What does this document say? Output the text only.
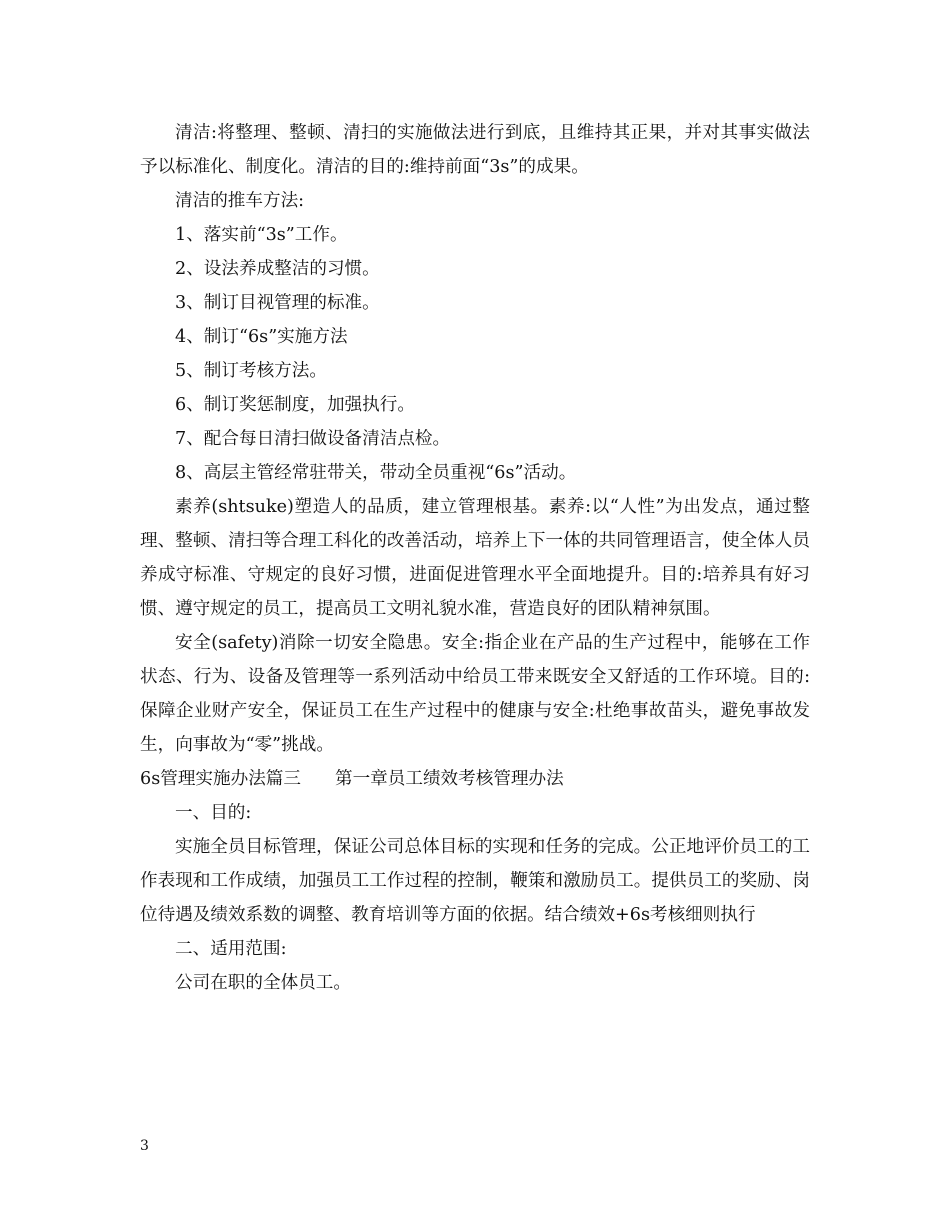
清洁:将整理、整顿、清扫的实施做法进行到底，且维持其正果，并对其事实做法予以标准化、制度化。清洁的目的:维持前面“3s”的成果。

清洁的推车方法:

1、落实前“3s”工作。

2、设法养成整洁的习惯。

3、制订目视管理的标准。

4、制订“6s”实施方法

5、制订考核方法。

6、制订奖惩制度，加强执行。

7、配合每日清扫做设备清洁点检。

8、高层主管经常驻带关，带动全员重视“6s”活动。

素养(shtsuke)塑造人的品质，建立管理根基。素养:以“人性”为出发点，通过整理、整顿、清扫等合理工科化的改善活动，培养上下一体的共同管理语言，使全体人员养成守标准、守规定的良好习惯，进面促进管理水平全面地提升。目的:培养具有好习惯、遵守规定的员工，提高员工文明礼貌水准，营造良好的团队精神氛围。

安全(safety)消除一切安全隐患。安全:指企业在产品的生产过程中，能够在工作状态、行为、设备及管理等一系列活动中给员工带来既安全又舒适的工作环境。目的:保障企业财产安全，保证员工在生产过程中的健康与安全:杜绝事故苗头，避免事故发生，向事故为“零”挑战。

6s管理实施办法篇三 第一章员工绩效考核管理办法

一、目的:

实施全员目标管理，保证公司总体目标的实现和任务的完成。公正地评价员工的工作表现和工作成绩，加强员工工作过程的控制，鞭策和激励员工。提供员工的奖励、岗位待遇及绩效系数的调整、教育培训等方面的依据。结合绩效+6s考核细则执行

二、适用范围:

公司在职的全体员工。

3
